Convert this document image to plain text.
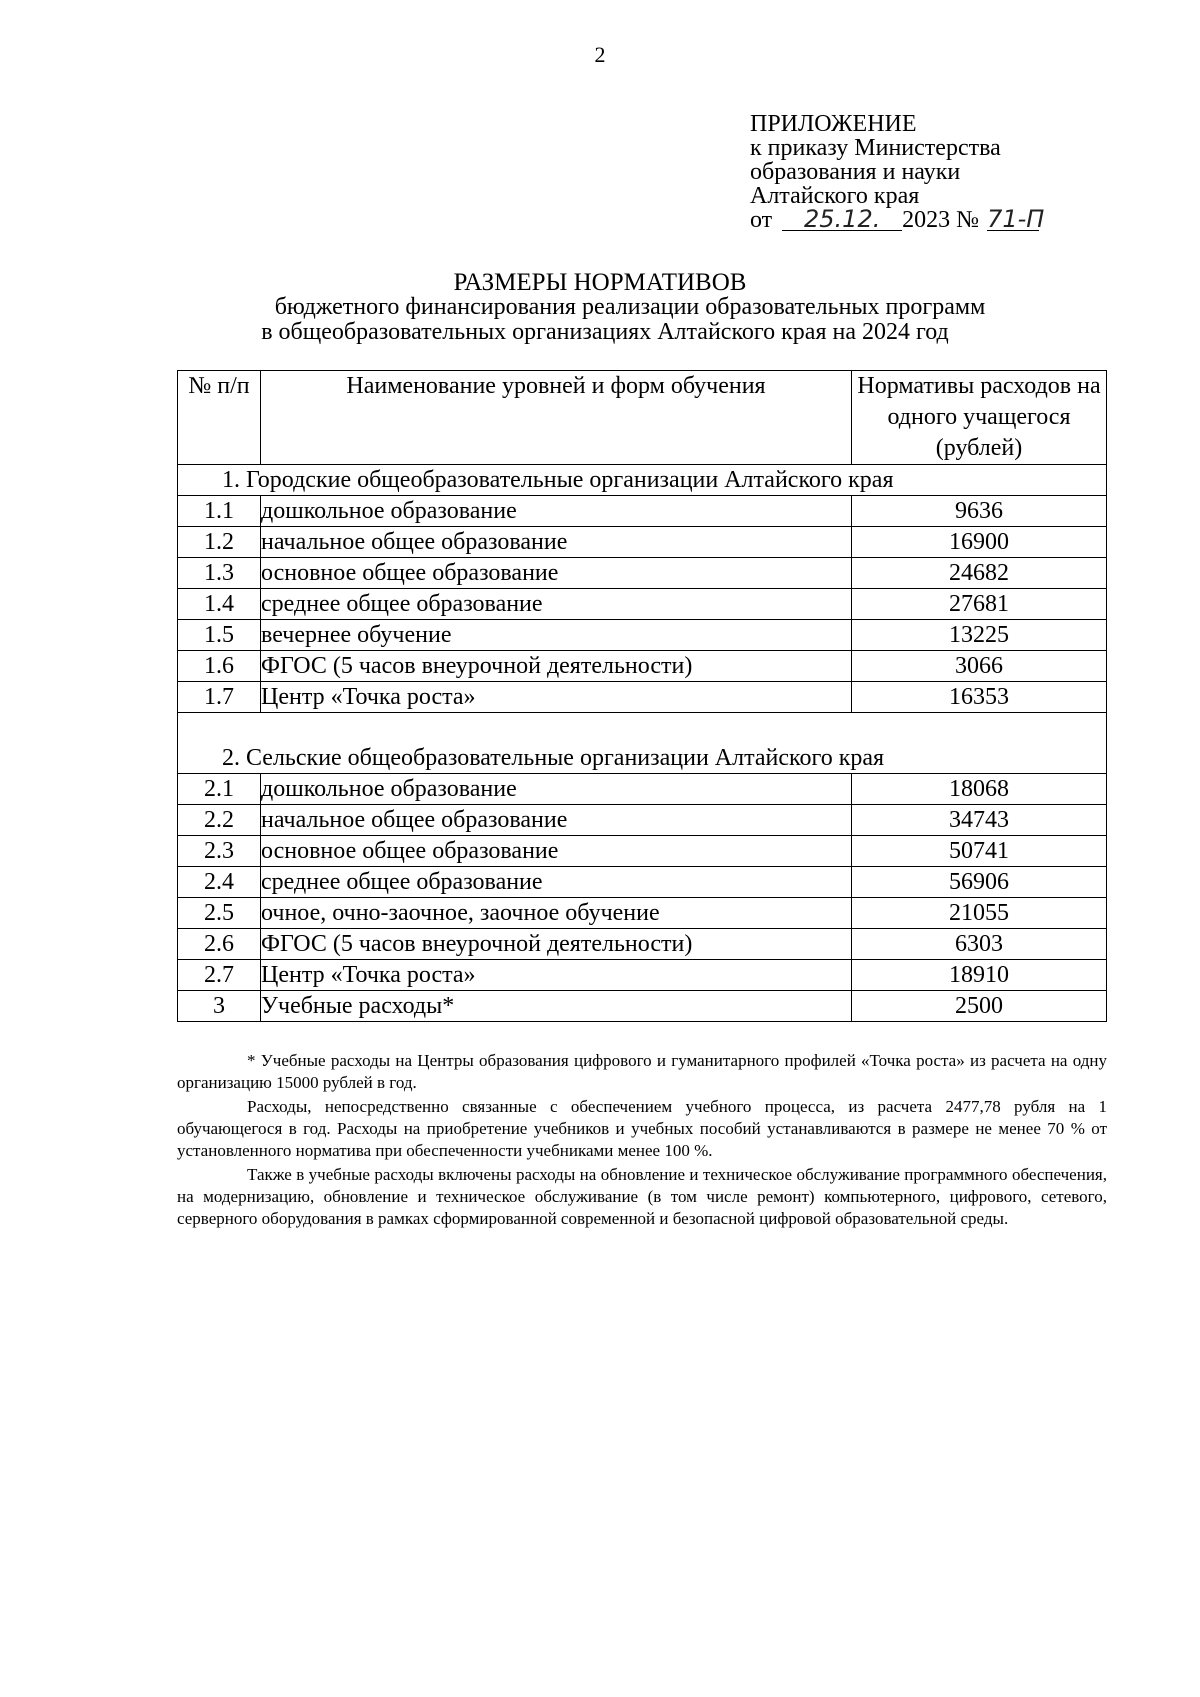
2
ПРИЛОЖЕНИЕ
к приказу Министерства
образования и науки
Алтайского края
от 25.12. 2023 № 71-П
РАЗМЕРЫ НОРМАТИВОВ
бюджетного финансирования реализации образовательных программ
в общеобразовательных организациях Алтайского края на 2024 год
№ п/п	Наименование уровней и форм обучения	Нормативы расходов на одного учащегося (рублей)
1. Городские общеобразовательные организации Алтайского края		
1.1	дошкольное образование	9636
1.2	начальное общее образование	16900
1.3	основное общее образование	24682
1.4	среднее общее образование	27681
1.5	вечернее обучение	13225
1.6	ФГОС (5 часов внеурочной деятельности)	3066
1.7	Центр «Точка роста»	16353
2. Сельские общеобразовательные организации Алтайского края		
2.1	дошкольное образование	18068
2.2	начальное общее образование	34743
2.3	основное общее образование	50741
2.4	среднее общее образование	56906
2.5	очное, очно-заочное, заочное обучение	21055
2.6	ФГОС (5 часов внеурочной деятельности)	6303
2.7	Центр «Точка роста»	18910
3	Учебные расходы*	2500

* Учебные расходы на Центры образования цифрового и гуманитарного профилей «Точка роста» из расчета на одну организацию 15000 рублей в год.

Расходы, непосредственно связанные с обеспечением учебного процесса, из расчета 2477,78 рубля на 1 обучающегося в год. Расходы на приобретение учебников и учебных пособий устанавливаются в размере не менее 70 % от установленного норматива при обеспеченности учебниками менее 100 %.

Также в учебные расходы включены расходы на обновление и техническое обслуживание программного обеспечения, на модернизацию, обновление и техническое обслуживание (в том числе ремонт) компьютерного, цифрового, сетевого, серверного оборудования в рамках сформированной современной и безопасной цифровой образовательной среды.
